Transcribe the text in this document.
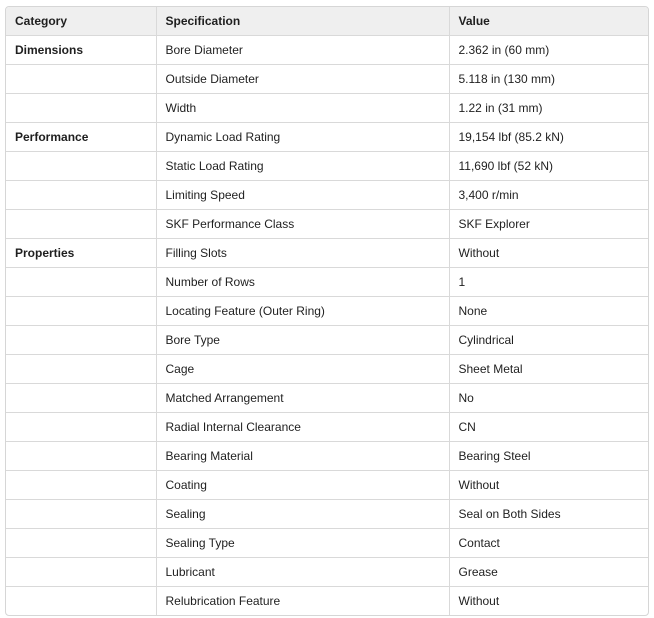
Category	Specification	Value
Dimensions	Bore Diameter	2.362 in (60 mm)
	Outside Diameter	5.118 in (130 mm)
	Width	1.22 in (31 mm)
Performance	Dynamic Load Rating	19,154 lbf (85.2 kN)
	Static Load Rating	11,690 lbf (52 kN)
	Limiting Speed	3,400 r/min
	SKF Performance Class	SKF Explorer
Properties	Filling Slots	Without
	Number of Rows	1
	Locating Feature (Outer Ring)	None
	Bore Type	Cylindrical
	Cage	Sheet Metal
	Matched Arrangement	No
	Radial Internal Clearance	CN
	Bearing Material	Bearing Steel
	Coating	Without
	Sealing	Seal on Both Sides
	Sealing Type	Contact
	Lubricant	Grease
	Relubrication Feature	Without
